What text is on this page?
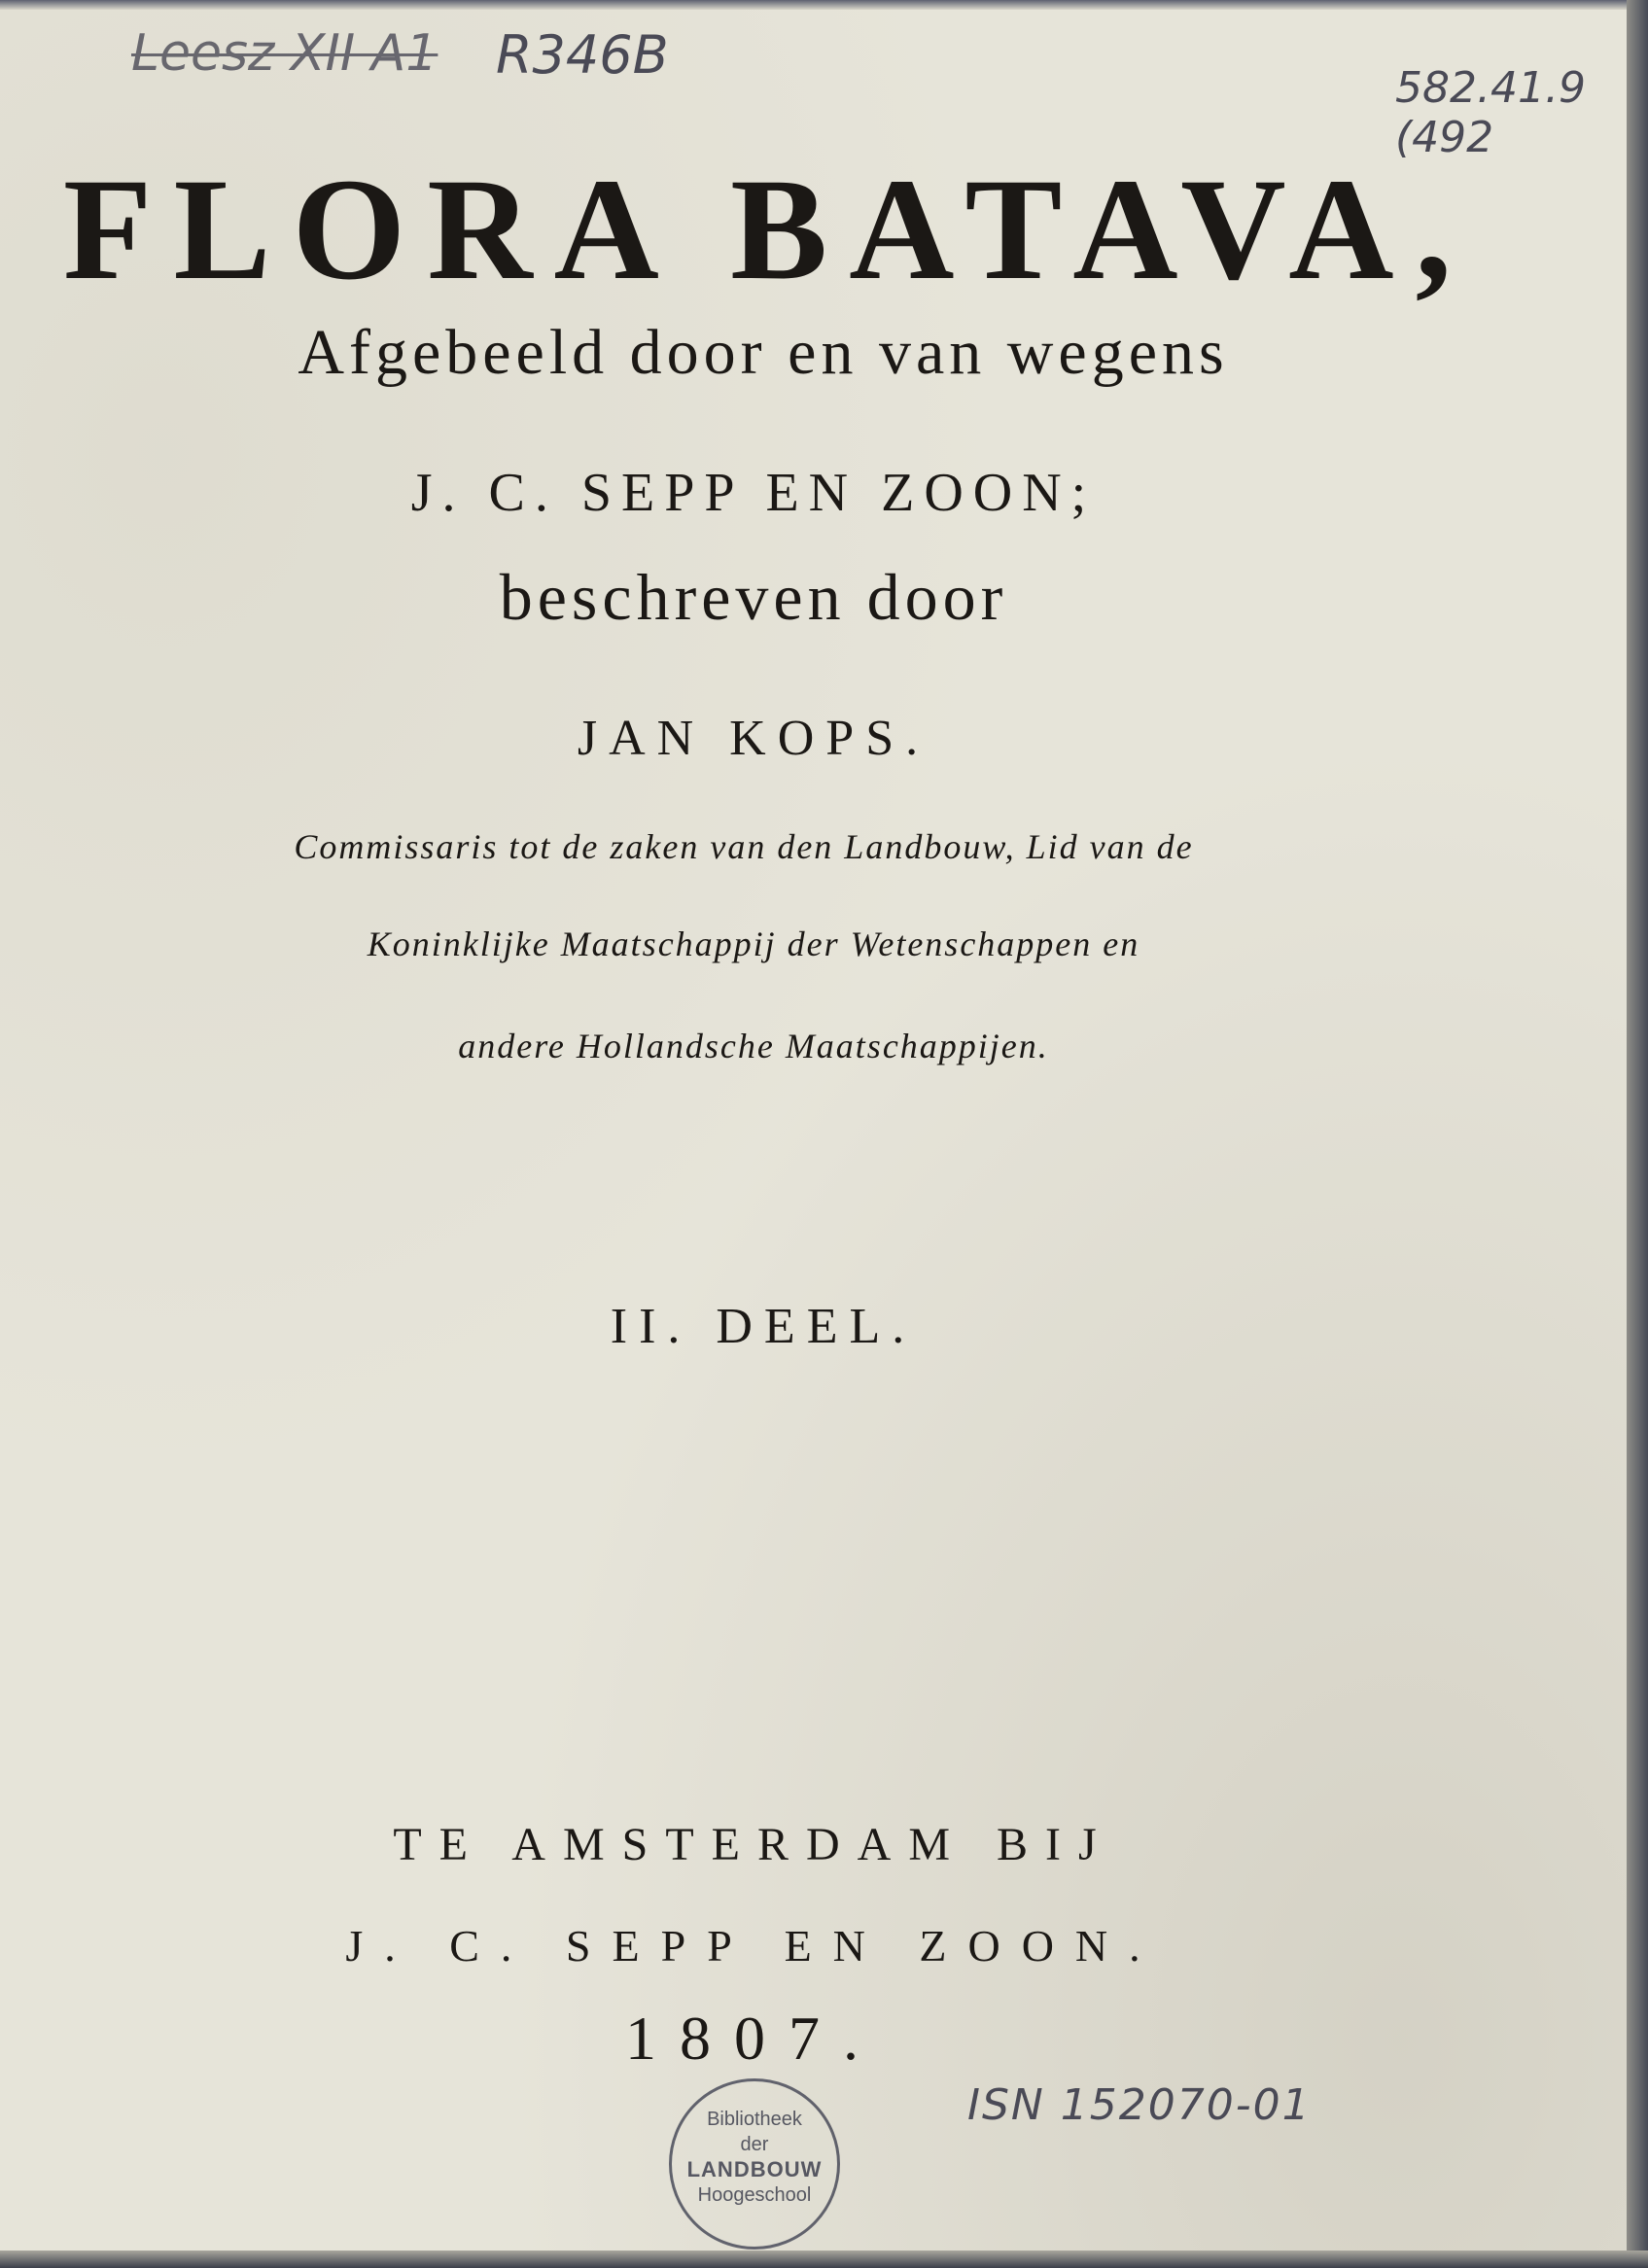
Leesz XII A1 R346B
582.41.9 (492
FLORA BATAVA,
Afgebeeld door en van wegens
J. C. SEPP EN ZOON;
beschreven door
JAN KOPS.
Commissaris tot de zaken van den Landbouw, Lid van de
Koninklijke Maatschappij der Wetenschappen en
andere Hollandsche Maatschappijen.
II. DEEL.
TE AMSTERDAM BIJ
J. C. SEPP EN ZOON.
1807.
Bibliotheek
der
LANDBOUW
Hoogeschool
ISN 152070-01
